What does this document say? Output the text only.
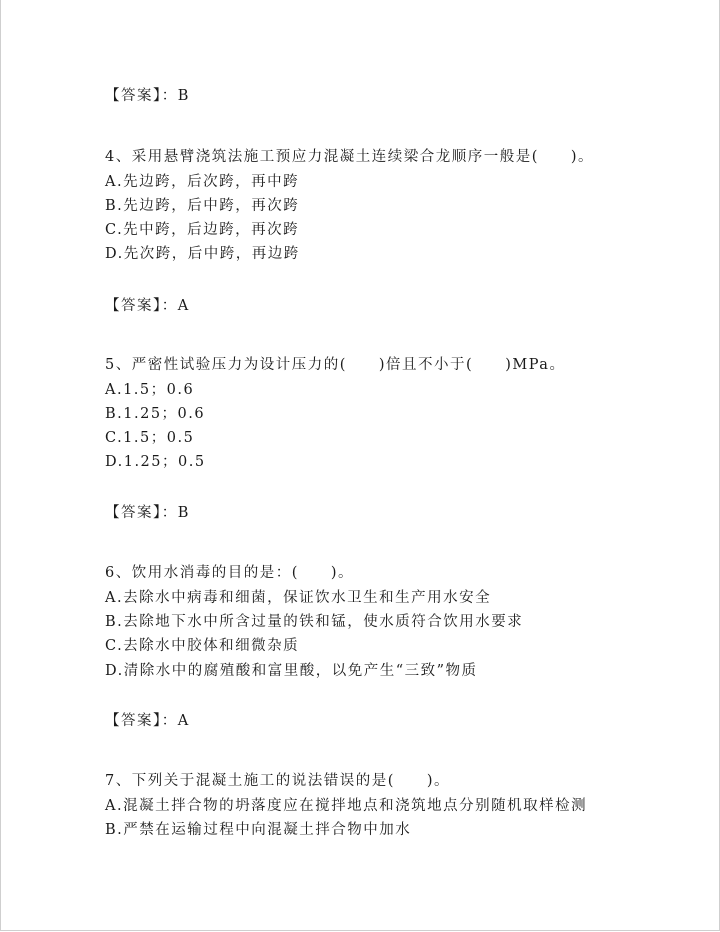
【答案】：B
4、采用悬臂浇筑法施工预应力混凝土连续梁合龙顺序一般是(　　)。
A.先边跨，后次跨，再中跨
B.先边跨，后中跨，再次跨
C.先中跨，后边跨，再次跨
D.先次跨，后中跨，再边跨
【答案】：A
5、严密性试验压力为设计压力的(　　)倍且不小于(　　)MPa。
A.1.5；0.6
B.1.25；0.6
C.1.5；0.5
D.1.25；0.5
【答案】：B
6、饮用水消毒的目的是：(　　)。
A.去除水中病毒和细菌，保证饮水卫生和生产用水安全
B.去除地下水中所含过量的铁和锰，使水质符合饮用水要求
C.去除水中胶体和细微杂质
D.清除水中的腐殖酸和富里酸，以免产生“三致”物质
【答案】：A
7、下列关于混凝土施工的说法错误的是(　　)。
A.混凝土拌合物的坍落度应在搅拌地点和浇筑地点分别随机取样检测
B.严禁在运输过程中向混凝土拌合物中加水
